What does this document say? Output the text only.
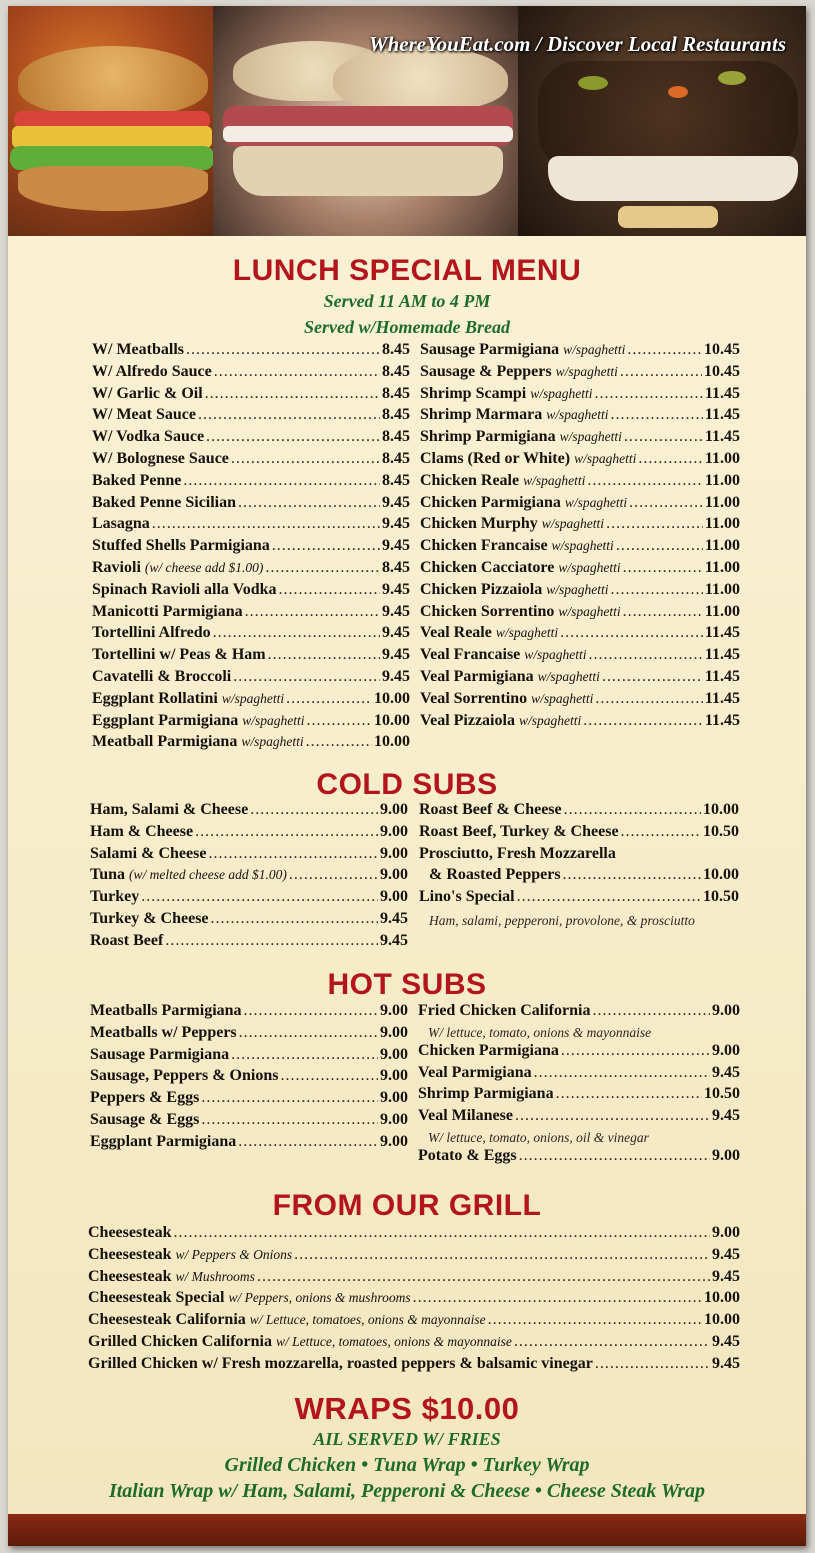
WhereYouEat.com / Discover Local Restaurants
LUNCH SPECIAL MENU
Served 11 AM to 4 PM
Served w/Homemade Bread
W/ Meatballs .....	8.45
W/ Alfredo Sauce .....	8.45
W/ Garlic & Oil .....	8.45
W/ Meat Sauce .....	8.45
W/ Vodka Sauce .....	8.45
W/ Bolognese Sauce .....	8.45
Baked Penne .....	8.45
Baked Penne Sicilian .....	9.45
Lasagna .....	9.45
Stuffed Shells Parmigiana .....	9.45
Ravioli (w/ cheese add $1.00) .....	8.45
Spinach Ravioli alla Vodka .....	9.45
Manicotti Parmigiana .....	9.45
Tortellini Alfredo .....	9.45
Tortellini w/ Peas & Ham .....	9.45
Cavatelli & Broccoli .....	9.45
Eggplant Rollatini w/spaghetti .....	10.00
Eggplant Parmigiana w/spaghetti .....	10.00
Meatball Parmigiana w/spaghetti .....	10.00
Sausage Parmigiana w/spaghetti .....	10.45
Sausage & Peppers w/spaghetti .....	10.45
Shrimp Scampi w/spaghetti .....	11.45
Shrimp Marmara w/spaghetti .....	11.45
Shrimp Parmigiana w/spaghetti .....	11.45
Clams (Red or White) w/spaghetti .....	11.00
Chicken Reale w/spaghetti .....	11.00
Chicken Parmigiana w/spaghetti .....	11.00
Chicken Murphy w/spaghetti .....	11.00
Chicken Francaise w/spaghetti .....	11.00
Chicken Cacciatore w/spaghetti .....	11.00
Chicken Pizzaiola w/spaghetti .....	11.00
Chicken Sorrentino w/spaghetti .....	11.00
Veal Reale w/spaghetti .....	11.45
Veal Francaise w/spaghetti .....	11.45
Veal Parmigiana w/spaghetti .....	11.45
Veal Sorrentino w/spaghetti .....	11.45
Veal Pizzaiola w/spaghetti .....	11.45
COLD SUBS
Ham, Salami & Cheese .....	9.00
Ham & Cheese .....	9.00
Salami & Cheese .....	9.00
Tuna (w/ melted cheese add $1.00) .....	9.00
Turkey .....	9.00
Turkey & Cheese .....	9.45
Roast Beef .....	9.45
Roast Beef & Cheese .....	10.00
Roast Beef, Turkey & Cheese .....	10.50
Prosciutto, Fresh Mozzarella
& Roasted Peppers .....	10.00
Lino's Special .....	10.50
Ham, salami, pepperoni, provolone, & prosciutto
HOT SUBS
Meatballs Parmigiana .....	9.00
Meatballs w/ Peppers .....	9.00
Sausage Parmigiana .....	9.00
Sausage, Peppers & Onions .....	9.00
Peppers & Eggs .....	9.00
Sausage & Eggs .....	9.00
Eggplant Parmigiana .....	9.00
Fried Chicken California .....	9.00
W/ lettuce, tomato, onions & mayonnaise
Chicken Parmigiana .....	9.00
Veal Parmigiana .....	9.45
Shrimp Parmigiana .....	10.50
Veal Milanese .....	9.45
W/ lettuce, tomato, onions, oil & vinegar
Potato & Eggs .....	9.00
FROM OUR GRILL
Cheesesteak .....	9.00
Cheesesteak w/ Peppers & Onions .....	9.45
Cheesesteak w/ Mushrooms .....	9.45
Cheesesteak Special w/ Peppers, onions & mushrooms .....	10.00
Cheesesteak California w/ Lettuce, tomatoes, onions & mayonnaise .....	10.00
Grilled Chicken California w/ Lettuce, tomatoes, onions & mayonnaise .....	9.45
Grilled Chicken w/ Fresh mozzarella, roasted peppers & balsamic vinegar .....	9.45
WRAPS $10.00
AIL SERVED W/ FRIES
Grilled Chicken • Tuna Wrap • Turkey Wrap
Italian Wrap w/ Ham, Salami, Pepperoni & Cheese • Cheese Steak Wrap
